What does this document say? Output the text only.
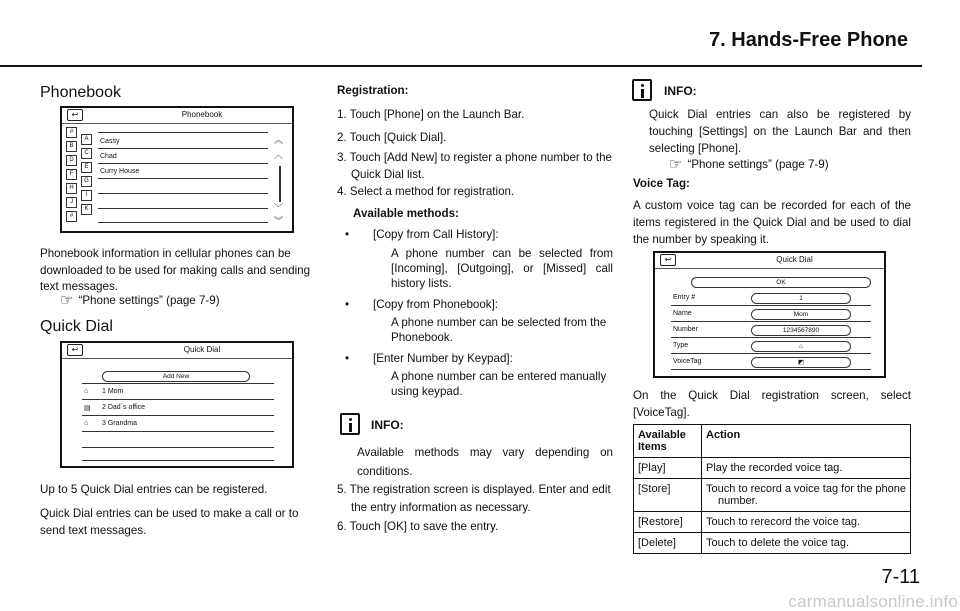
7. Hands-Free Phone
Phonebook
↩	Phonebook
#
B
D
F
H
J
#
A
C
E
G
I
K
Cassy
Chad
Curry House
︽
︿
﹀
︾
Phonebook information in cellular phones can be downloaded to be used for making calls and sending text messages.
☞ “Phone settings” (page 7-9)
Quick Dial
↩	Quick Dial
Add New
⌂ 1 Mom
▤ 2 Dad´s office
⌂ 3 Grandma
Up to 5 Quick Dial entries can be registered.
Quick Dial entries can be used to make a call or to send text messages.
Registration:
1. Touch [Phone] on the Launch Bar.
2. Touch [Quick Dial].
3. Touch [Add New] to register a phone number to the Quick Dial list.
4. Select a method for registration.
Available methods:
• [Copy from Call History]:
A phone number can be selected from [Incoming], [Outgoing], or [Missed] call history lists.
• [Copy from Phonebook]:
A phone number can be selected from the Phonebook.
• [Enter Number by Keypad]:
A phone number can be entered manually using keypad.
INFO:
Available methods may vary depending on conditions.
5. The registration screen is displayed. Enter and edit the entry information as necessary.
6. Touch [OK] to save the entry.
INFO:
Quick Dial entries can also be registered by touching [Settings] on the Launch Bar and then selecting [Phone].
☞ “Phone settings” (page 7-9)
Voice Tag:
A custom voice tag can be recorded for each of the items registered in the Quick Dial and be used to dial the number by speaking it.
↩	Quick Dial
OK
Entry #	1
Name	Mom
Number	1234567890
Type	⌂
VoiceTag	◩
On the Quick Dial registration screen, select [VoiceTag].
Available Items	Action
[Play]	Play the recorded voice tag.
[Store]	Touch to record a voice tag for the phone number.
[Restore]	Touch to rerecord the voice tag.
[Delete]	Touch to delete the voice tag.
7-11
carmanualsonline.info
